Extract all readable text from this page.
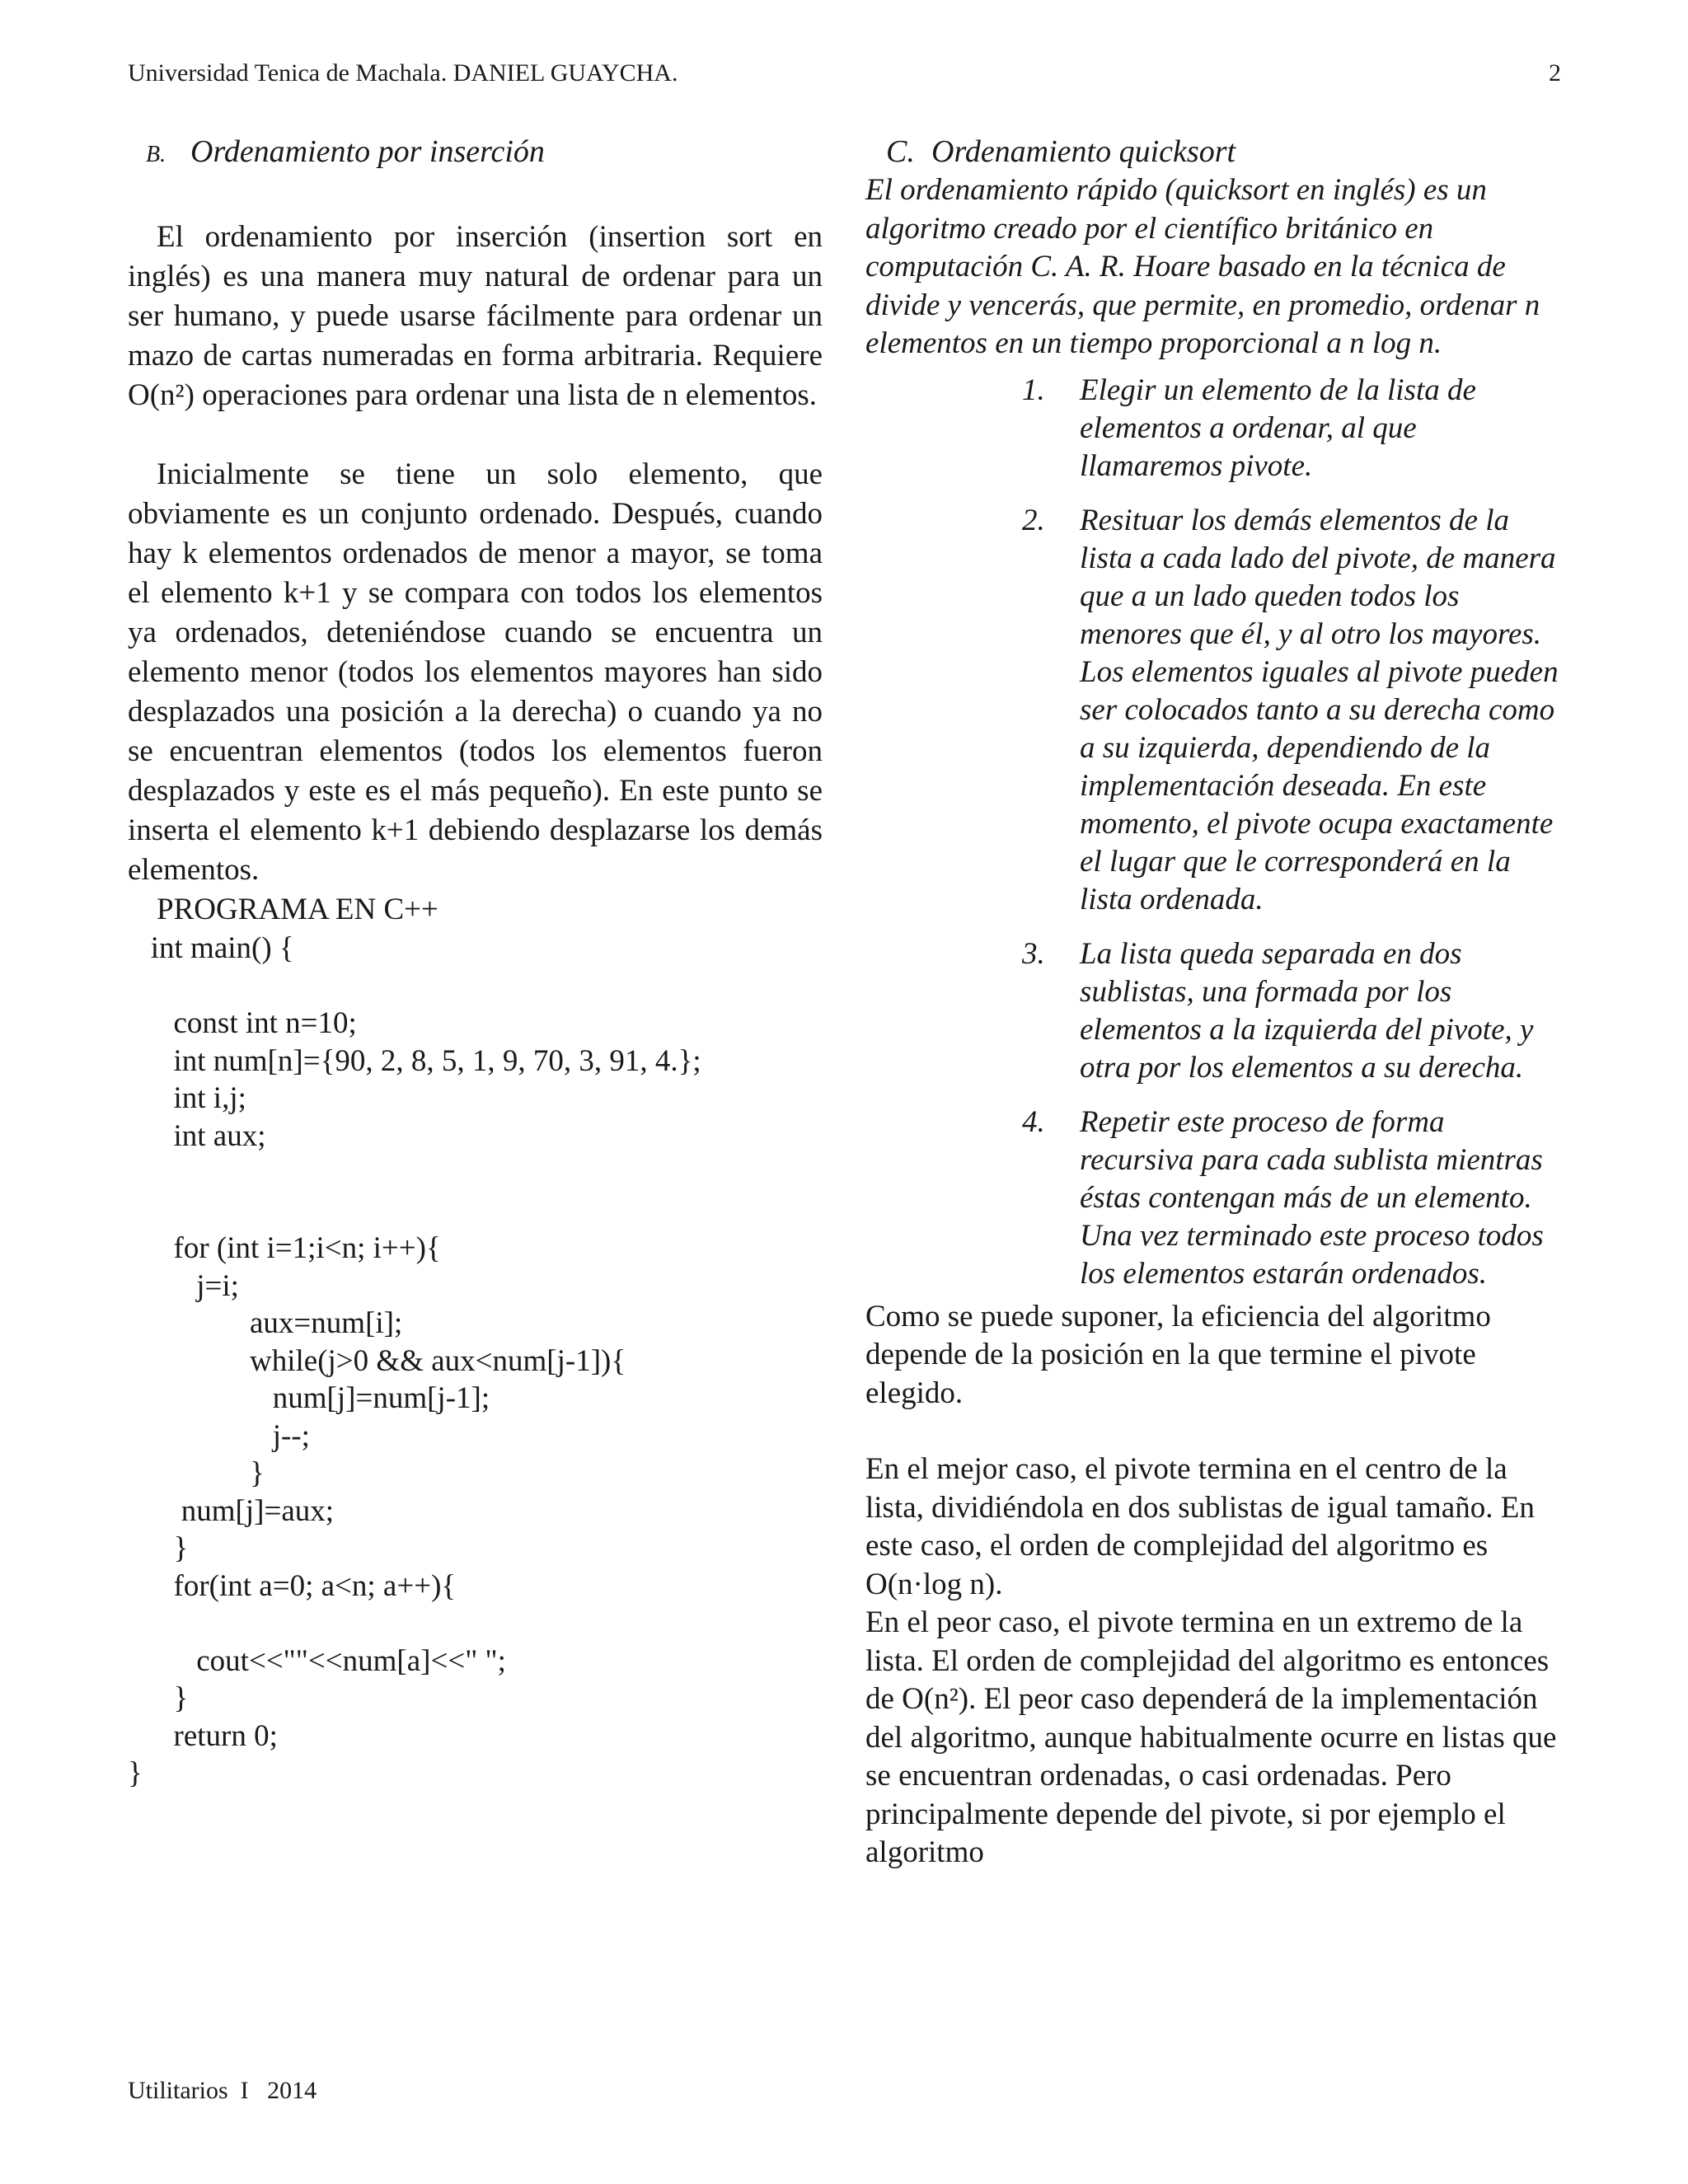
Universidad Tenica de Machala. DANIEL GUAYCHA.	2

B. Ordenamiento por inserción

El ordenamiento por inserción (insertion sort en inglés) es una manera muy natural de ordenar para un ser humano, y puede usarse fácilmente para ordenar un mazo de cartas numeradas en forma arbitraria. Requiere O(n²) operaciones para ordenar una lista de n elementos.

Inicialmente se tiene un solo elemento, que obviamente es un conjunto ordenado. Después, cuando hay k elementos ordenados de menor a mayor, se toma el elemento k+1 y se compara con todos los elementos ya ordenados, deteniéndose cuando se encuentra un elemento menor (todos los elementos mayores han sido desplazados una posición a la derecha) o cuando ya no se encuentran elementos (todos los elementos fueron desplazados y este es el más pequeño). En este punto se inserta el elemento k+1 debiendo desplazarse los demás elementos.

PROGRAMA EN C++

int main() {

const int n=10;
int num[n]={90, 2, 8, 5, 1, 9, 70, 3, 91, 4.};
int i,j;
int aux;

for (int i=1;i<n; i++){
j=i;
aux=num[i];
while(j>0 && aux<num[j-1]){
num[j]=num[j-1];
j--;
}
num[j]=aux;
}
for(int a=0; a<n; a++){

cout<<""<<num[a]<<" ";
}
return 0;
}

C. Ordenamiento quicksort

El ordenamiento rápido (quicksort en inglés) es un algoritmo creado por el científico británico en computación C. A. R. Hoare basado en la técnica de divide y vencerás, que permite, en promedio, ordenar n elementos en un tiempo proporcional a n log n.

1.	Elegir un elemento de la lista de elementos a ordenar, al que llamaremos pivote.
2.	Resituar los demás elementos de la lista a cada lado del pivote, de manera que a un lado queden todos los menores que él, y al otro los mayores. Los elementos iguales al pivote pueden ser colocados tanto a su derecha como a su izquierda, dependiendo de la implementación deseada. En este momento, el pivote ocupa exactamente el lugar que le corresponderá en la lista ordenada.
3.	La lista queda separada en dos sublistas, una formada por los elementos a la izquierda del pivote, y otra por los elementos a su derecha.
4.	Repetir este proceso de forma recursiva para cada sublista mientras éstas contengan más de un elemento. Una vez terminado este proceso todos los elementos estarán ordenados.

Como se puede suponer, la eficiencia del algoritmo depende de la posición en la que termine el pivote elegido.

En el mejor caso, el pivote termina en el centro de la lista, dividiéndola en dos sublistas de igual tamaño. En este caso, el orden de complejidad del algoritmo es O(n·log n).

En el peor caso, el pivote termina en un extremo de la lista. El orden de complejidad del algoritmo es entonces de O(n²). El peor caso dependerá de la implementación del algoritmo, aunque habitualmente ocurre en listas que se encuentran ordenadas, o casi ordenadas. Pero principalmente depende del pivote, si por ejemplo el algoritmo

Utilitarios  I   2014
